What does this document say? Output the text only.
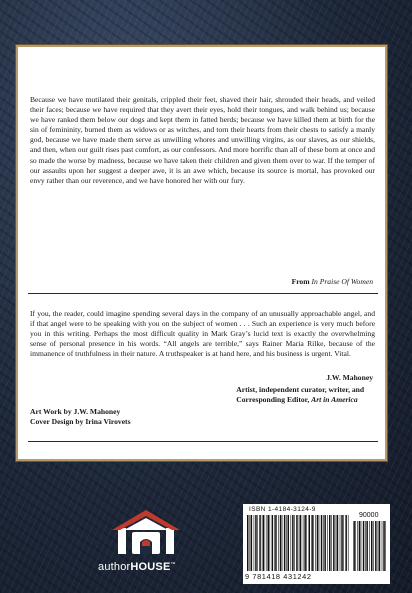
Because we have mutilated their genitals, crippled their feet, shaved their hair, shrouded their heads, and veiled their faces; because we have required that they avert their eyes, hold their tongues, and walk behind us; because we have ranked them below our dogs and kept them in fatted herds; because we have killed them at birth for the sin of femininity, burned them as widows or as witches, and torn their hearts from their chests to satisfy a manly god, because we have made them serve as unwilling whores and unwilling virgins, as our slaves, as our shields, and then, when our guilt rises past comfort, as our confessors. And more horrific than all of these born at once and so made the worse by madness, because we have taken their children and given them over to war. If the temper of our assaults upon her suggest a deeper awe, it is an awe which, because its source is mortal, has provoked our envy rather than our reverence, and we have honored her with our fury.

From In Praise Of Women

If you, the reader, could imagine spending several days in the company of an unusually approachable angel, and if that angel were to be speaking with you on the subject of women . . . Such an experience is very much before you in this writing. Perhaps the most difficult quality in Mark Gray’s lucid text is exactly the overwhelming sense of personal presence in his words. “All angels are terrible,” says Rainer Maria Rilke, because of the immanence of truthfulness in their nature. A truthspeaker is at hand here, and his business is urgent. Vital.

J.W. Mahoney
Artist, independent curator, writer, and
Corresponding Editor, Art in America
Art Work by J.W. Mahoney
Cover Design by Irina Virovets
authorHOUSE™
ISBN 1-4184-3124-9
90000
9 781418 431242
